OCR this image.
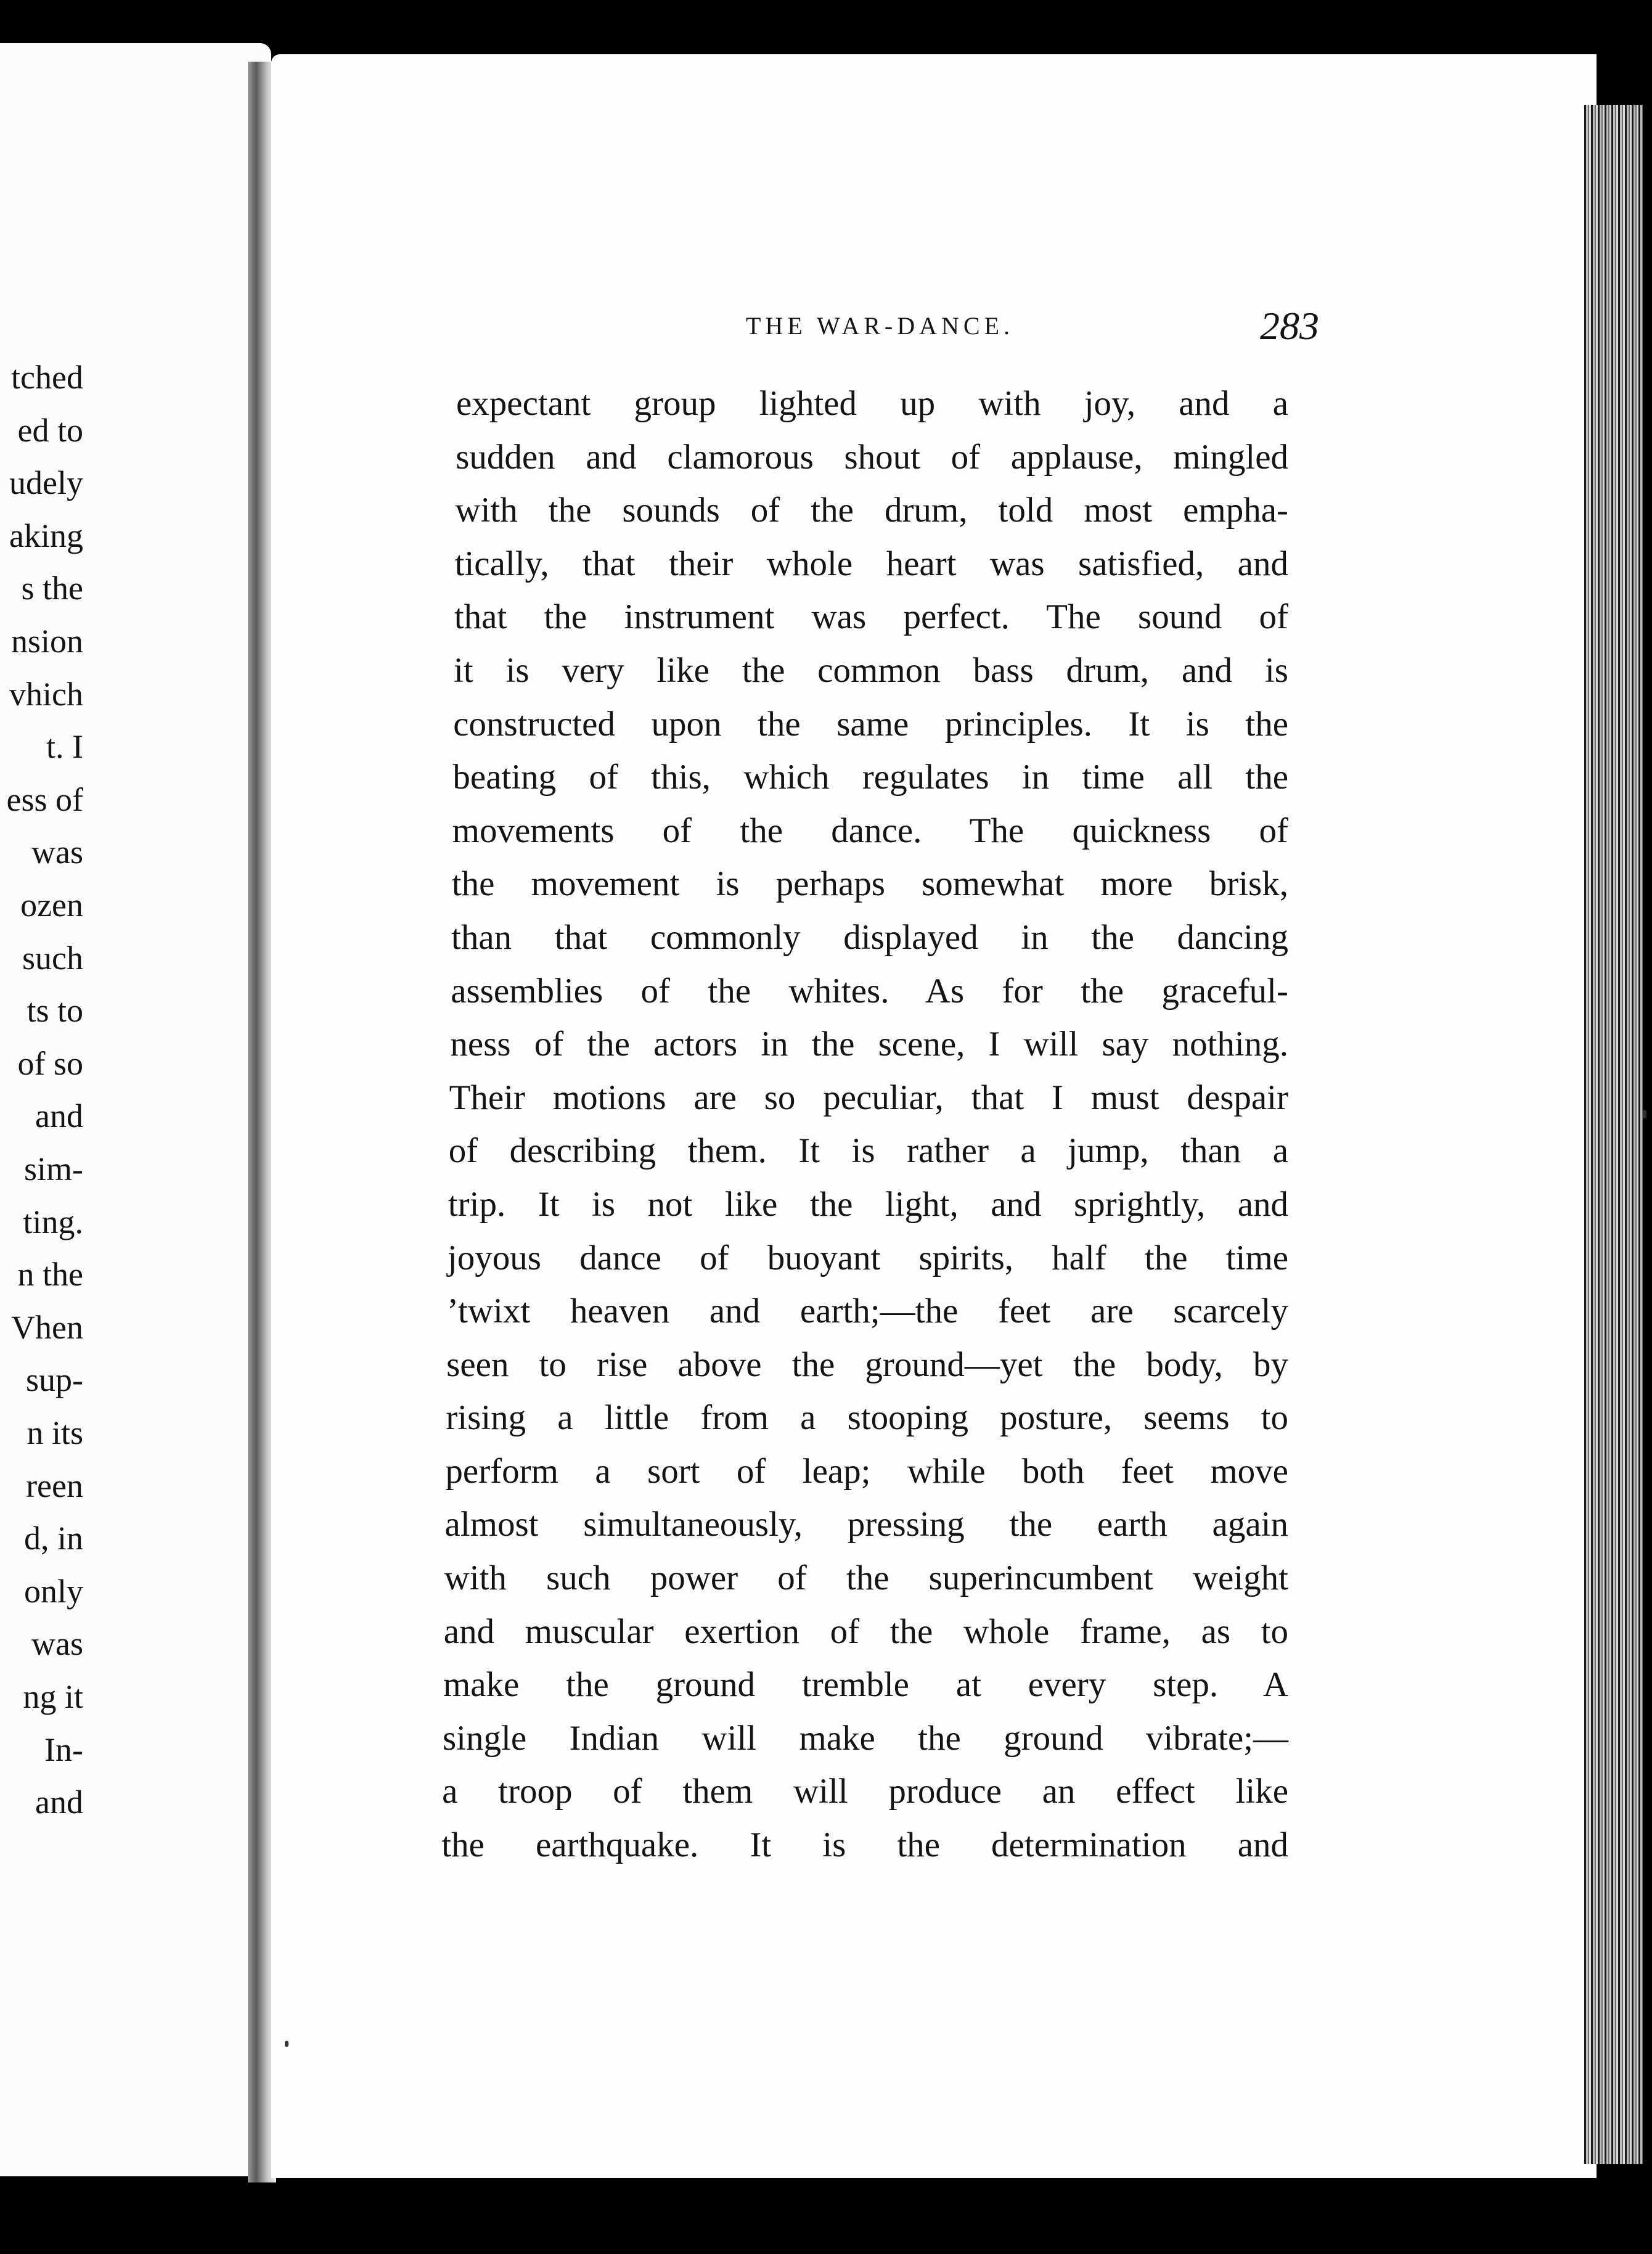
tched
ed to
udely
aking
s the
nsion
vhich
t. I
ess of
was
ozen
such
ts to
of so
and
sim-
ting.
n the
Vhen
sup-
n its
reen
d, in
only
was
ng it
In-
and
THE WAR-DANCE.	283
expectant group lighted up with joy, and a
sudden and clamorous shout of applause, mingled
with the sounds of the drum, told most empha-
tically, that their whole heart was satisfied, and
that the instrument was perfect. The sound of
it is very like the common bass drum, and is
constructed upon the same principles. It is the
beating of this, which regulates in time all the
movements of the dance. The quickness of
the movement is perhaps somewhat more brisk,
than that commonly displayed in the dancing
assemblies of the whites. As for the graceful-
ness of the actors in the scene, I will say nothing.
Their motions are so peculiar, that I must despair
of describing them. It is rather a jump, than a
trip. It is not like the light, and sprightly, and
joyous dance of buoyant spirits, half the time
’twixt heaven and earth;—the feet are scarcely
seen to rise above the ground—yet the body, by
rising a little from a stooping posture, seems to
perform a sort of leap; while both feet move
almost simultaneously, pressing the earth again
with such power of the superincumbent weight
and muscular exertion of the whole frame, as to
make the ground tremble at every step. A
single Indian will make the ground vibrate;—
a troop of them will produce an effect like
the earthquake. It is the determination and
